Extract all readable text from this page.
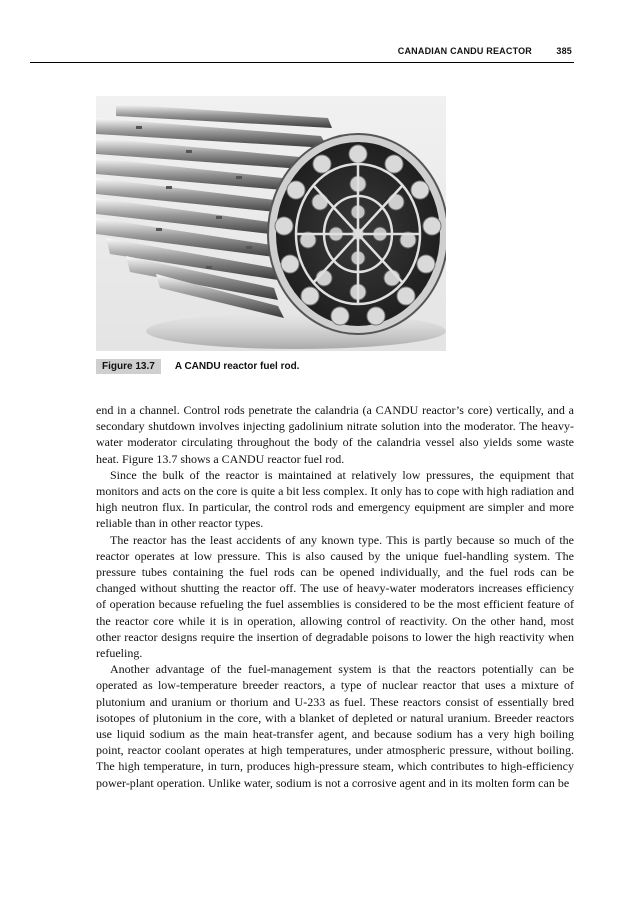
CANADIAN CANDU REACTOR	385
Figure 13.7	A CANDU reactor fuel rod.

end in a channel. Control rods penetrate the calandria (a CANDU reactor’s core) vertically, and a secondary shutdown involves injecting gadolinium nitrate solution into the moderator. The heavy-water moderator circulating throughout the body of the calandria vessel also yields some waste heat. Figure 13.7 shows a CANDU reactor fuel rod.

Since the bulk of the reactor is maintained at relatively low pressures, the equipment that monitors and acts on the core is quite a bit less complex. It only has to cope with high radiation and high neutron flux. In particular, the control rods and emergency equipment are simpler and more reliable than in other reactor types.

The reactor has the least accidents of any known type. This is partly because so much of the reactor operates at low pressure. This is also caused by the unique fuel-handling system. The pressure tubes containing the fuel rods can be opened individually, and the fuel rods can be changed without shutting the reactor off. The use of heavy-water moderators increases efficiency of operation because refueling the fuel assemblies is considered to be the most efficient feature of the reactor core while it is in operation, allowing control of reactivity. On the other hand, most other reactor designs require the insertion of degradable poisons to lower the high reactivity when refueling.

Another advantage of the fuel-management system is that the reactors potentially can be operated as low-temperature breeder reactors, a type of nuclear reactor that uses a mixture of plutonium and uranium or thorium and U-233 as fuel. These reactors consist of essentially bred isotopes of plutonium in the core, with a blanket of depleted or natural uranium. Breeder reactors use liquid sodium as the main heat-transfer agent, and because sodium has a very high boiling point, reactor coolant operates at high temperatures, under atmospheric pressure, without boiling. The high temperature, in turn, produces high-pressure steam, which contributes to high-efficiency power-plant operation. Unlike water, sodium is not a corrosive agent and in its molten form can be
